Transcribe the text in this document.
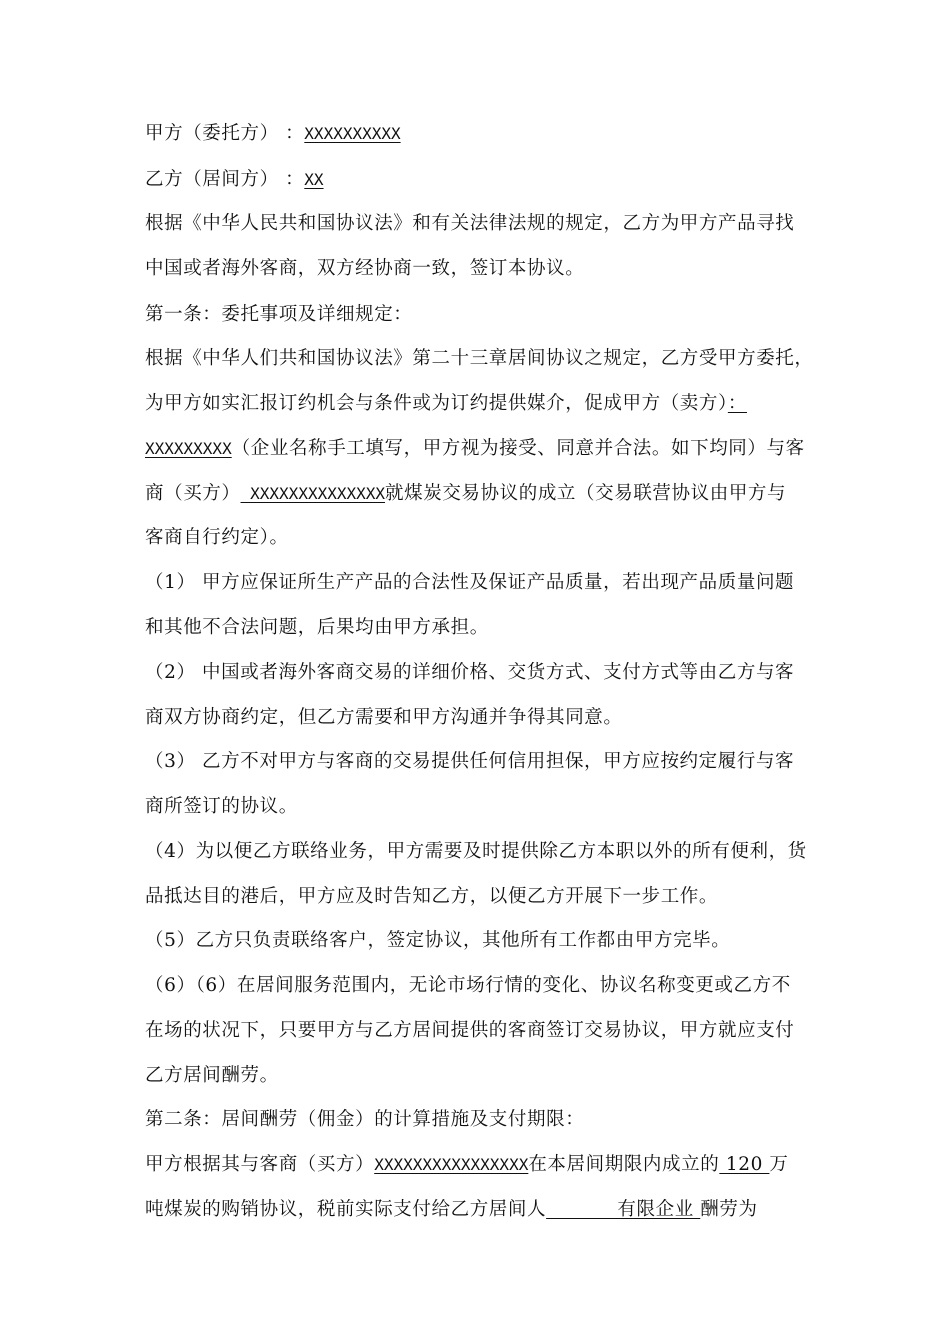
甲方（委托方） ：XXXXXXXXXX
乙方（居间方） ：XX
根据《中华人民共和国协议法》和有关法律法规的规定，乙方为甲方产品寻找
中国或者海外客商，双方经协商一致，签订本协议。
第一条：委托事项及详细规定：
根据《中华人们共和国协议法》第二十三章居间协议之规定，乙方受甲方委托，
为甲方如实汇报订约机会与条件或为订约提供媒介，促成甲方（卖方）：
XXXXXXXXX（企业名称手工填写，甲方视为接受、同意并合法。如下均同）与客
商（买方） XXXXXXXXXXXXXX就煤炭交易协议的成立（交易联营协议由甲方与
客商自行约定）。
（1） 甲方应保证所生产产品的合法性及保证产品质量，若出现产品质量问题
和其他不合法问题，后果均由甲方承担。
（2） 中国或者海外客商交易的详细价格、交货方式、支付方式等由乙方与客
商双方协商约定，但乙方需要和甲方沟通并争得其同意。
（3） 乙方不对甲方与客商的交易提供任何信用担保，甲方应按约定履行与客
商所签订的协议。
（4）为以便乙方联络业务，甲方需要及时提供除乙方本职以外的所有便利，货
品抵达目的港后，甲方应及时告知乙方，以便乙方开展下一步工作。
（5）乙方只负责联络客户，签定协议，其他所有工作都由甲方完毕。
（6）（6）在居间服务范围内，无论市场行情的变化、协议名称变更或乙方不
在场的状况下，只要甲方与乙方居间提供的客商签订交易协议，甲方就应支付
乙方居间酬劳。
第二条：居间酬劳（佣金）的计算措施及支付期限：
甲方根据其与客商（买方）XXXXXXXXXXXXXXXX在本居间期限内成立的 120 万
吨煤炭的购销协议，税前实际支付给乙方居间人           有限企业 酬劳为
